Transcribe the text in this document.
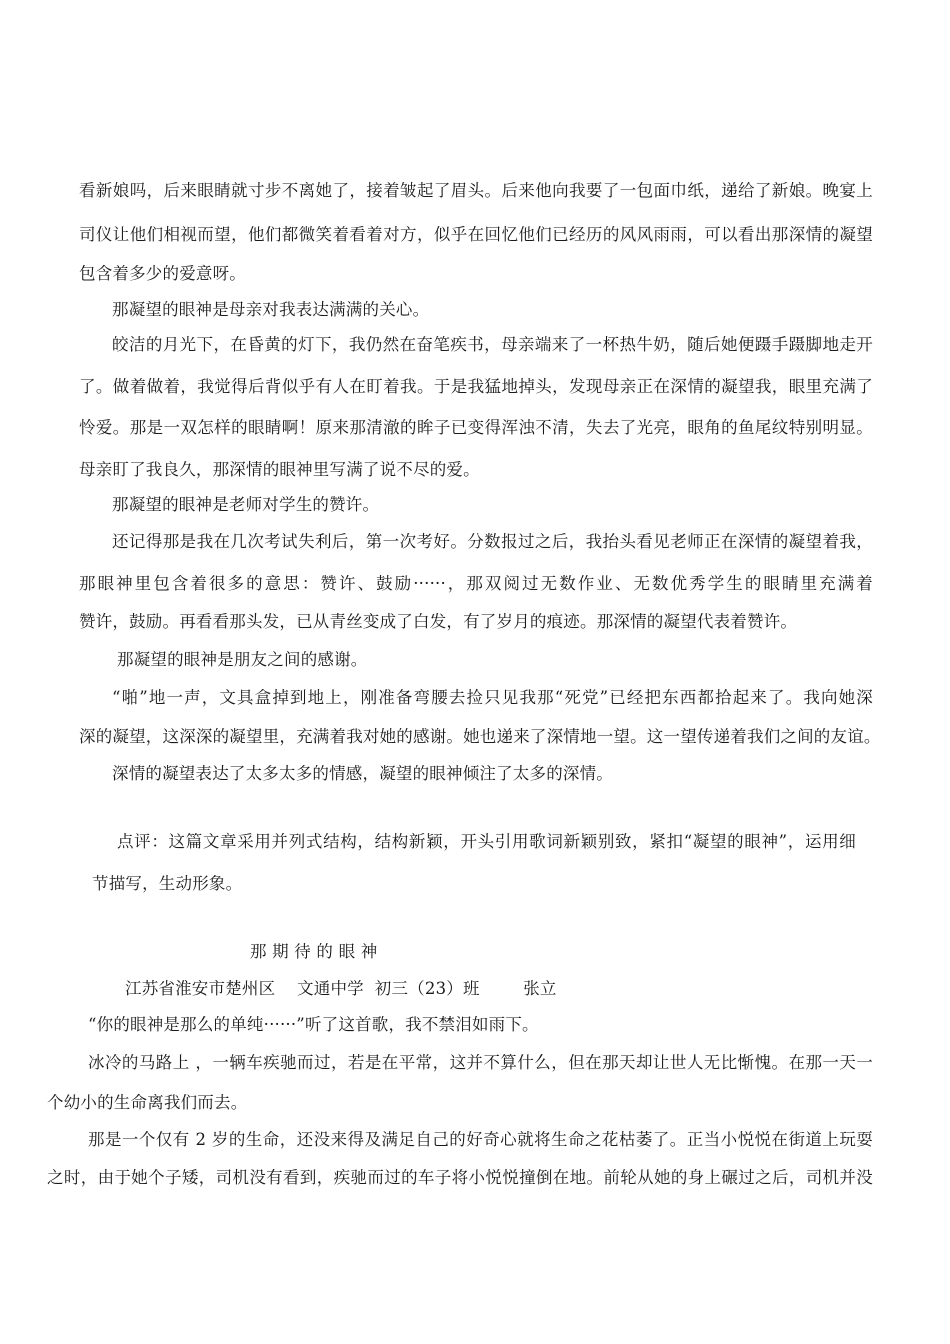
看新娘吗，后来眼睛就寸步不离她了，接着皱起了眉头。后来他向我要了一包面巾纸，递给了新娘。晚宴上
司仪让他们相视而望，他们都微笑着看着对方，似乎在回忆他们已经历的风风雨雨，可以看出那深情的凝望
包含着多少的爱意呀。
那凝望的眼神是母亲对我表达满满的关心。
皎洁的月光下，在昏黄的灯下，我仍然在奋笔疾书，母亲端来了一杯热牛奶，随后她便蹑手蹑脚地走开
了。做着做着，我觉得后背似乎有人在盯着我。于是我猛地掉头，发现母亲正在深情的凝望我，眼里充满了
怜爱。那是一双怎样的眼睛啊！原来那清澈的眸子已变得浑浊不清，失去了光亮，眼角的鱼尾纹特别明显。
母亲盯了我良久，那深情的眼神里写满了说不尽的爱。
那凝望的眼神是老师对学生的赞许。
还记得那是我在几次考试失利后，第一次考好。分数报过之后，我抬头看见老师正在深情的凝望着我，
那眼神里包含着很多的意思：赞许、鼓励······，那双阅过无数作业、无数优秀学生的眼睛里充满着
赞许，鼓励。再看看那头发，已从青丝变成了白发，有了岁月的痕迹。那深情的凝望代表着赞许。
那凝望的眼神是朋友之间的感谢。
“啪”地一声，文具盒掉到地上，刚准备弯腰去捡只见我那“死党”已经把东西都拾起来了。我向她深
深的凝望，这深深的凝望里，充满着我对她的感谢。她也递来了深情地一望。这一望传递着我们之间的友谊。
深情的凝望表达了太多太多的情感，凝望的眼神倾注了太多的深情。
点评：这篇文章采用并列式结构，结构新颖，开头引用歌词新颖别致，紧扣“凝望的眼神”，运用细
节描写，生动形象。
那 期 待 的 眼 神
江苏省淮安市楚州区    文通中学  初三（23）班        张立
“你的眼神是那么的单纯······”听了这首歌，我不禁泪如雨下。
冰冷的马路上 ，一辆车疾驰而过，若是在平常，这并不算什么，但在那天却让世人无比惭愧。在那一天一
个幼小的生命离我们而去。
那是一个仅有 2 岁的生命，还没来得及满足自己的好奇心就将生命之花枯萎了。正当小悦悦在街道上玩耍
之时，由于她个子矮，司机没有看到，疾驰而过的车子将小悦悦撞倒在地。前轮从她的身上碾过之后，司机并没
